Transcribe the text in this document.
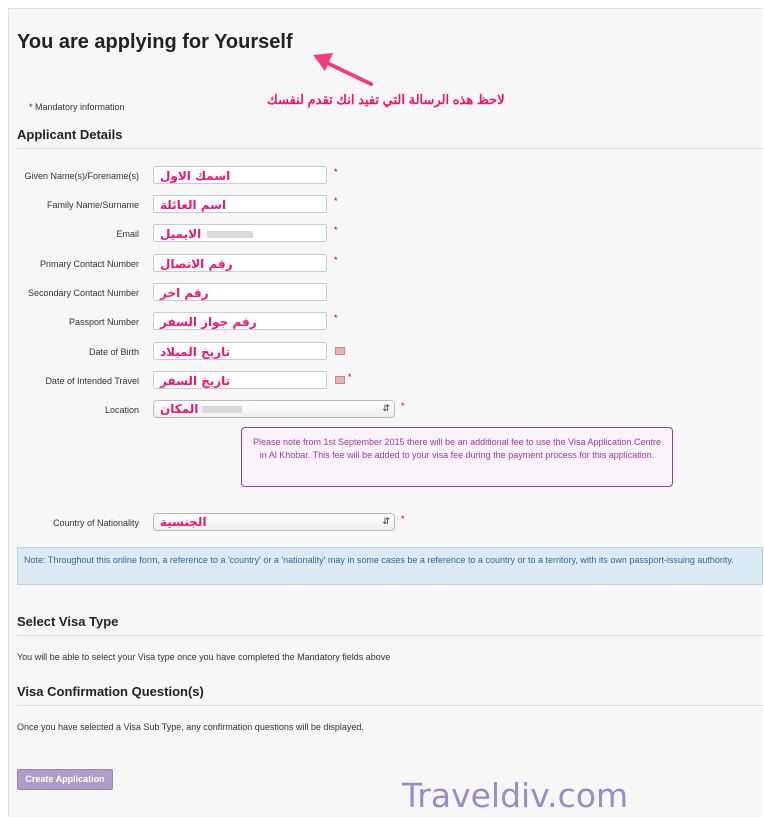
You are applying for Yourself
لاحظ هذه الرسالة التي تفيد انك تقدم لنفسك
* Mandatory information
Applicant Details
Given Name(s)/Forename(s)	اسمك الاول	*
Family Name/Surname	اسم العائلة	*
Email	الايميل	*
Primary Contact Number	رقم الاتصال	*
Secondary Contact Number	رقم اخر
Passport Number	رقم جواز السفر	*
Date of Birth	تاريخ الميلاد
Date of Intended Travel	تاريخ السفر	*
Location	المكان	⇵ *
Please note from 1st September 2015 there will be an additional fee to use the Visa Application Centre in Al Khobar. This fee will be added to your visa fee during the payment process for this application.
Country of Nationality	الجنسية	⇵ *
Note: Throughout this online form, a reference to a 'country' or a 'nationality' may in some cases be a reference to a country or to a territory, with its own passport-issuing authority.
Select Visa Type
You will be able to select your Visa type once you have completed the Mandatory fields above
Visa Confirmation Question(s)
Once you have selected a Visa Sub Type, any confirmation questions will be displayed.
Create Application	Traveldiv.com
